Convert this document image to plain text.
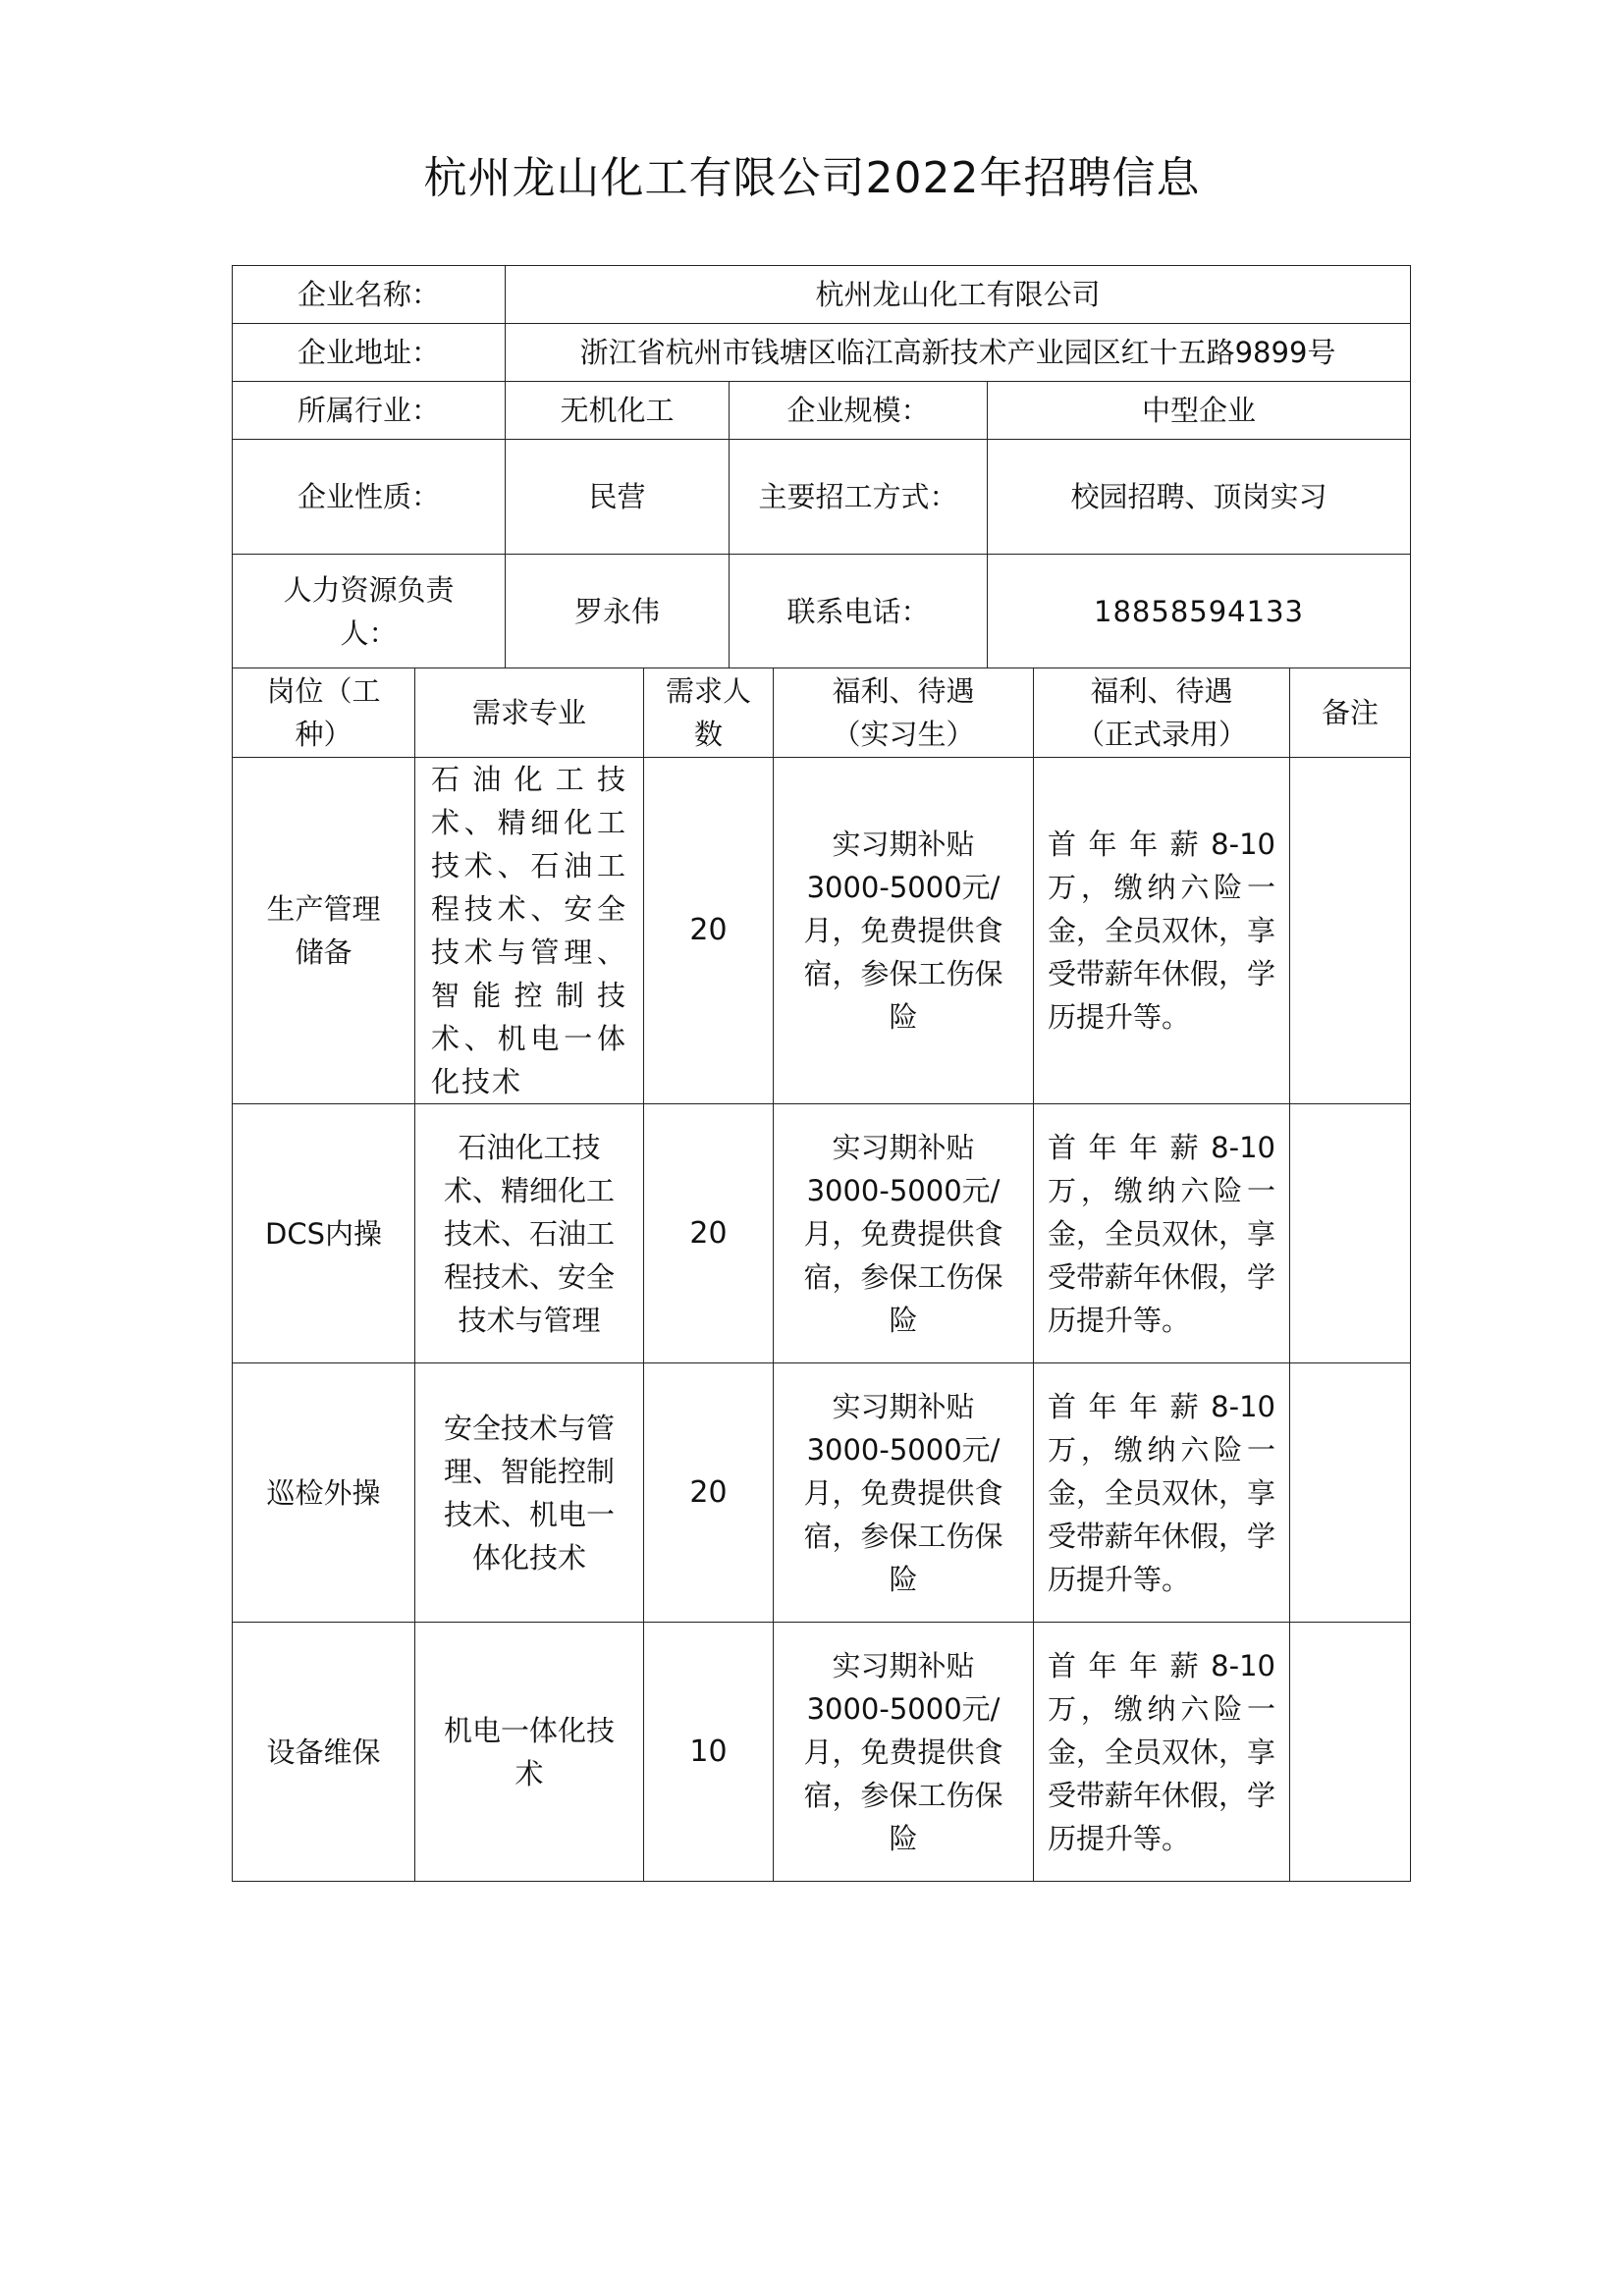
杭州龙山化工有限公司2022年招聘信息
企业名称：	杭州龙山化工有限公司		
企业地址：	浙江省杭州市钱塘区临江高新技术产业园区红十五路9899号		
所属行业：	无机化工	企业规模：	中型企业
企业性质：	民营	主要招工方式：	校园招聘、顶岗实习
人力资源负责人：	罗永伟	联系电话：	18858594133
岗位（工种）	需求专业	需求人数	福利、待遇（实习生）	福利、待遇（正式录用）	备注
生产管理储备	石油化工技术、精细化工技术、石油工程技术、安全技术与管理、智能控制技术、机电一体化技术	20	实习期补贴3000-5000元/月，免费提供食宿，参保工伤保险	首年年薪8-10万，缴纳六险一金，全员双休，享受带薪年休假，学历提升等。	
DCS内操	石油化工技术、精细化工技术、石油工程技术、安全技术与管理	20	实习期补贴3000-5000元/月，免费提供食宿，参保工伤保险	首年年薪8-10万，缴纳六险一金，全员双休，享受带薪年休假，学历提升等。	
巡检外操	安全技术与管理、智能控制技术、机电一体化技术	20	实习期补贴3000-5000元/月，免费提供食宿，参保工伤保险	首年年薪8-10万，缴纳六险一金，全员双休，享受带薪年休假，学历提升等。	
设备维保	机电一体化技术	10	实习期补贴3000-5000元/月，免费提供食宿，参保工伤保险	首年年薪8-10万，缴纳六险一金，全员双休，享受带薪年休假，学历提升等。	
